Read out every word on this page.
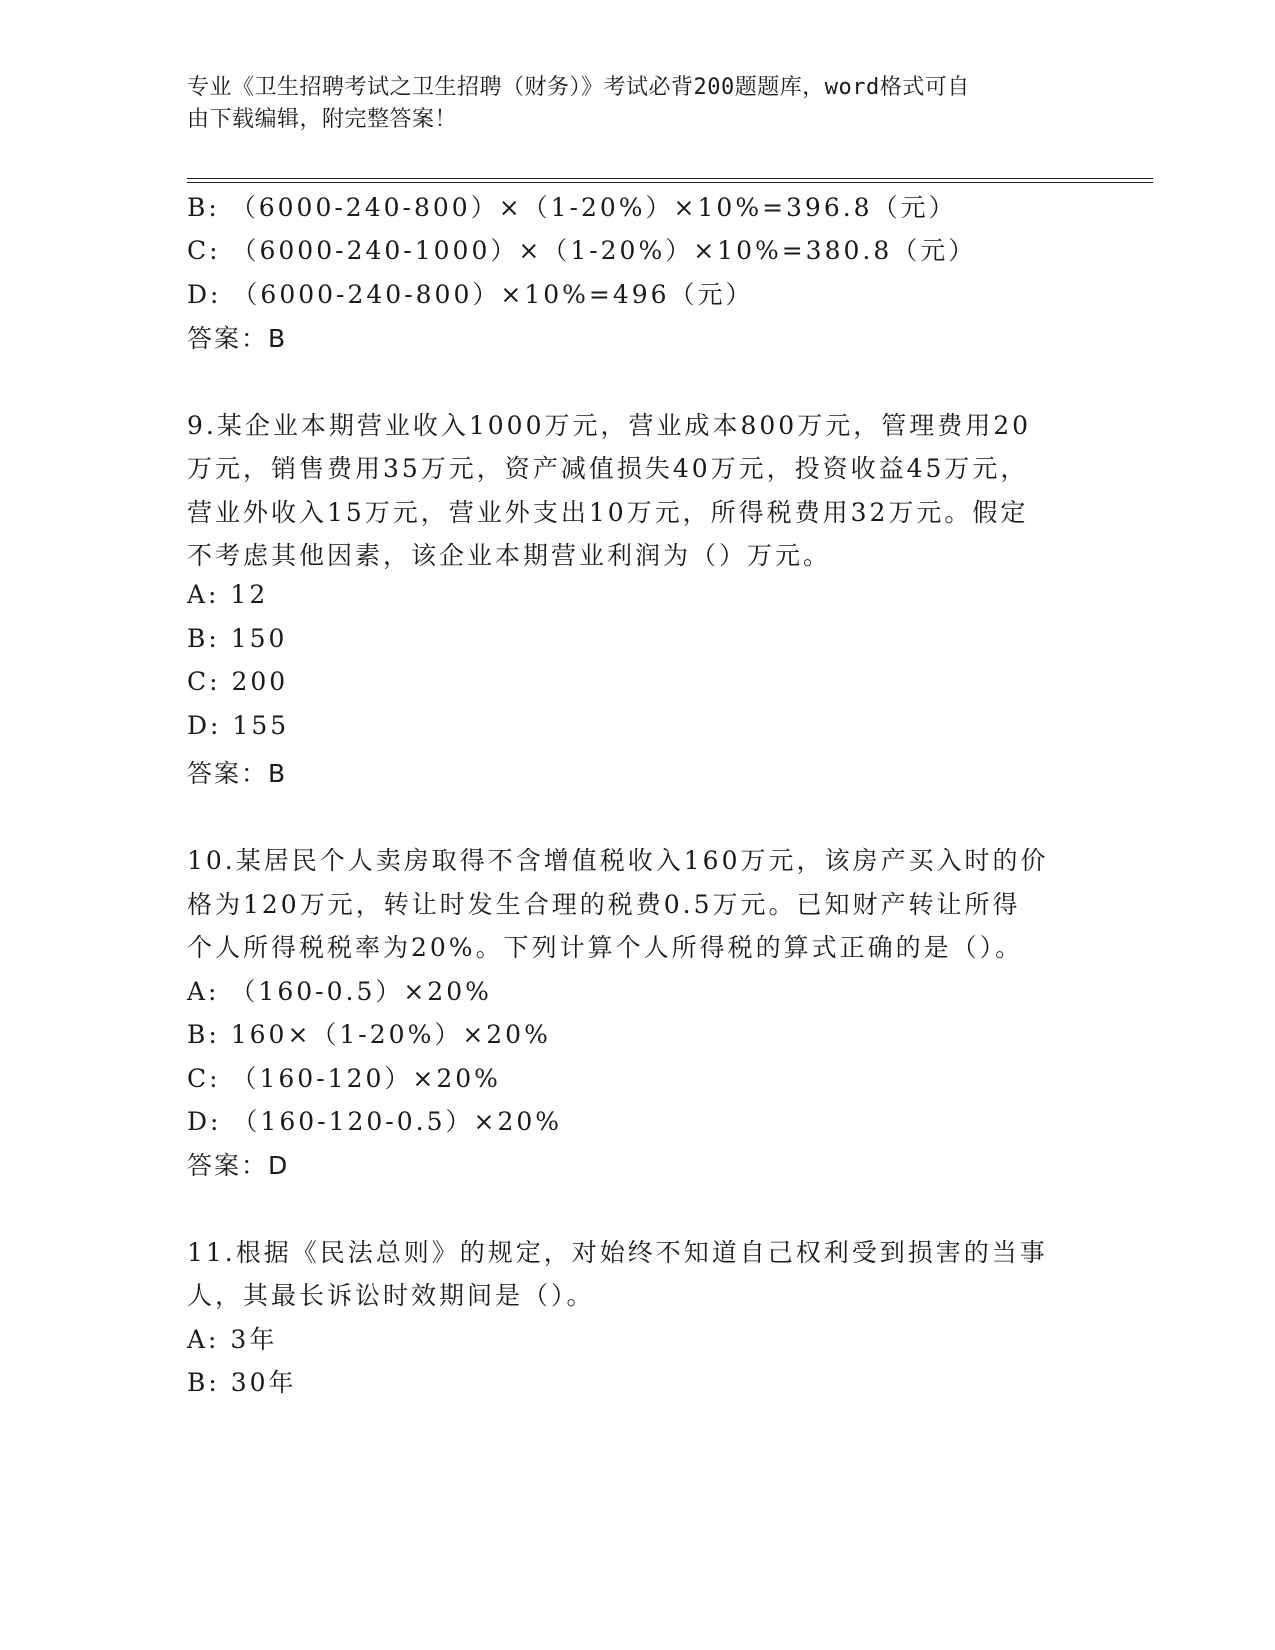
专业《卫生招聘考试之卫生招聘（财务）》考试必背200题题库，word格式可自
由下载编辑，附完整答案！
B: （6000-240-800）×（1-20%）×10%=396.8（元）
C: （6000-240-1000）×（1-20%）×10%=380.8（元）
D: （6000-240-800）×10%=496（元）
答案：B
9.某企业本期营业收入1000万元，营业成本800万元，管理费用20
万元，销售费用35万元，资产减值损失40万元，投资收益45万元，
营业外收入15万元，营业外支出10万元，所得税费用32万元。假定
不考虑其他因素，该企业本期营业利润为（）万元。
A: 12
B: 150
C: 200
D: 155
答案：B
10.某居民个人卖房取得不含增值税收入160万元，该房产买入时的价
格为120万元，转让时发生合理的税费0.5万元。已知财产转让所得
个人所得税税率为20%。下列计算个人所得税的算式正确的是（）。
A: （160-0.5）×20%
B: 160×（1-20%）×20%
C: （160-120）×20%
D: （160-120-0.5）×20%
答案：D
11.根据《民法总则》的规定，对始终不知道自己权利受到损害的当事
人，其最长诉讼时效期间是（）。
A: 3年
B: 30年
